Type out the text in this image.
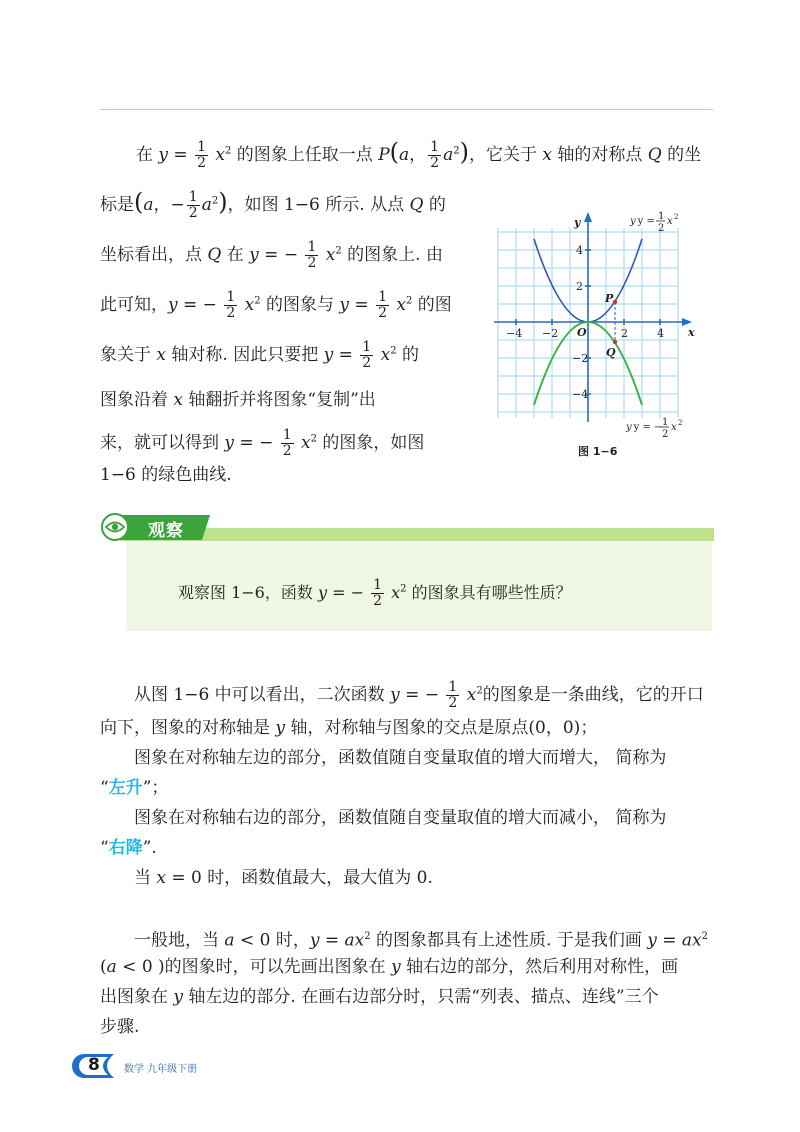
在 $y = \frac{1}{2} x^2$ 的图象上任取一点 P(a， $\frac{1}{2} a^2$)，它关于 x 轴的对称点 Q 的坐
标是(a，− $\frac{1}{2} a^2$)，如图 1−6 所示. 从点 Q 的
坐标看出，点 Q 在 y = − $\frac{1}{2} x^2$ 的图象上. 由
此可知，y = − $\frac{1}{2} x^2$ 的图象与 $y = \frac{1}{2} x^2$ 的图
象关于 x 轴对称. 因此只要把 $y = \frac{1}{2} x^2$ 的
图象沿着 x 轴翻折并将图象“复制”出
来，就可以得到 y = − $\frac{1}{2} x^2$ 的图象，如图
1−6 的绿色曲线.
x
y
O
−4 −2	2	4
4
2
−2
−4
P
Q
y y = 1
2
x 2
y y = − 1
2
x 2
图 1−6
观察
观察图 1−6，函数 y = − $\frac{1}{2} x^2$ 的图象具有哪些性质？
从图 1−6 中可以看出，二次函数 y = − $\frac{1}{2} x^2$的图象是一条曲线，它的开口
向下，图象的对称轴是 y 轴，对称轴与图象的交点是原点(0，0)；
图象在对称轴左边的部分，函数值随自变量取值的增大而增大， 简称为
“左升”；
图象在对称轴右边的部分，函数值随自变量取值的增大而减小， 简称为
“右降”.
当 x = 0 时，函数值最大，最大值为 0.
一般地，当 a < 0 时，$y = ax^2$ 的图象都具有上述性质. 于是我们画 $y = ax^2$
(a < 0 )的图象时，可以先画出图象在 y 轴右边的部分，然后利用对称性，画
出图象在 y 轴左边的部分. 在画右边部分时，只需“列表、描点、连线”三个
步骤.
8 数学 九年级下册
